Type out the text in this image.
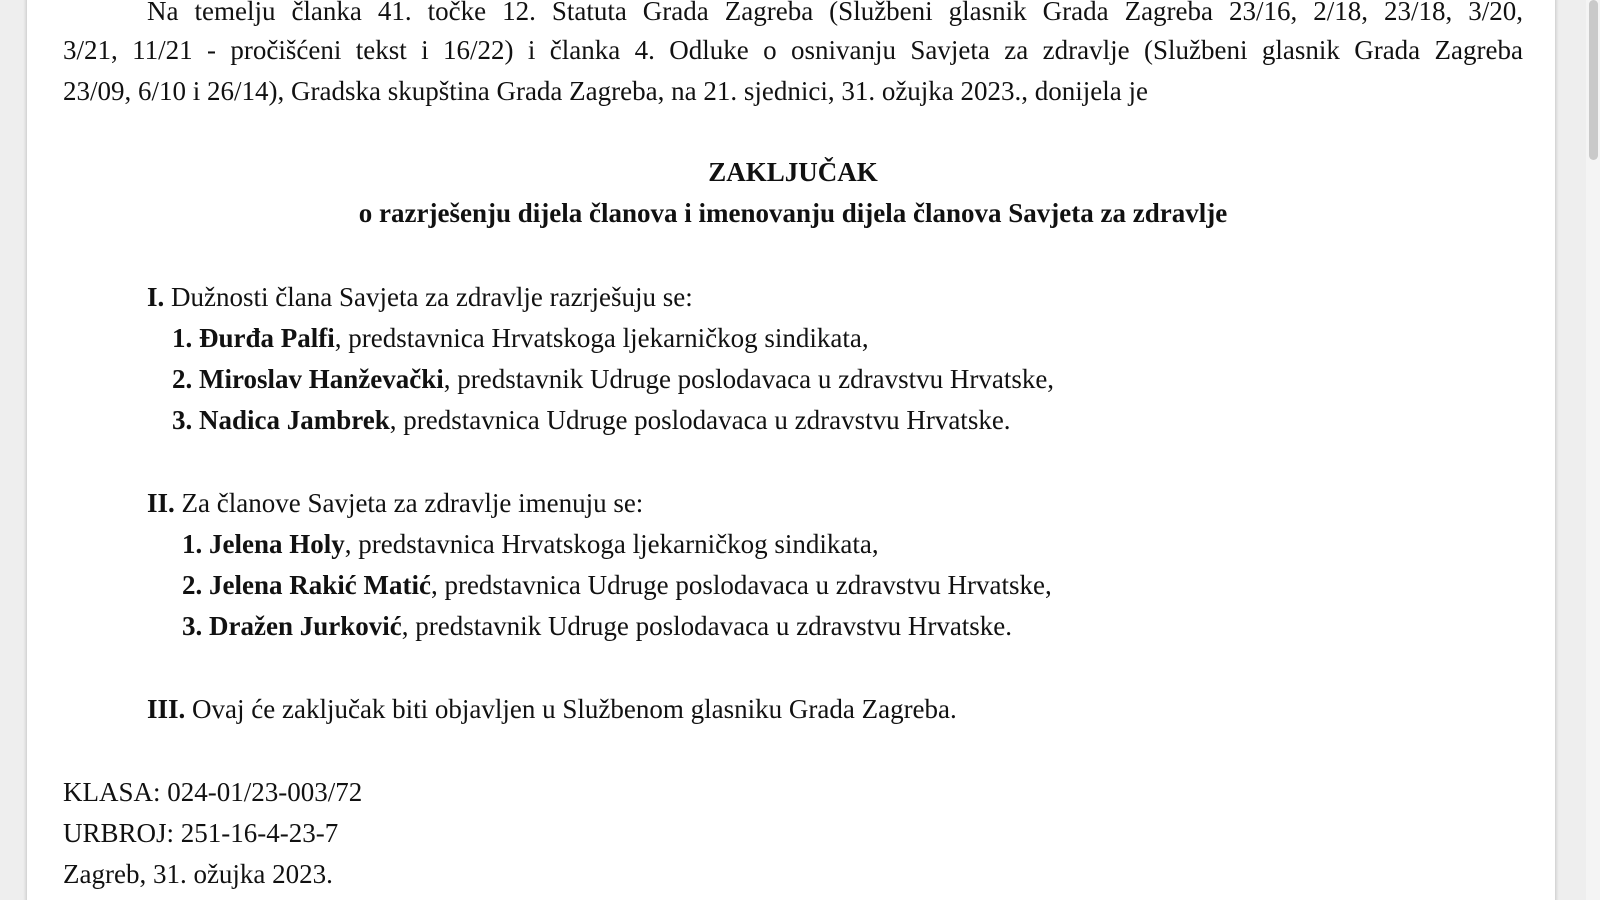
Na temelju članka 41. točke 12. Statuta Grada Zagreba (Službeni glasnik Grada Zagreba 23/16, 2/18, 23/18, 3/20,
3/21, 11/21 - pročišćeni tekst i 16/22) i članka 4. Odluke o osnivanju Savjeta za zdravlje (Službeni glasnik Grada Zagreba
23/09, 6/10 i 26/14), Gradska skupština Grada Zagreba, na 21. sjednici, 31. ožujka 2023., donijela je
ZAKLJUČAK
o razrješenju dijela članova i imenovanju dijela članova Savjeta za zdravlje
I. Dužnosti člana Savjeta za zdravlje razrješuju se:
1. Đurđa Palfi, predstavnica Hrvatskoga ljekarničkog sindikata,
2. Miroslav Hanževački, predstavnik Udruge poslodavaca u zdravstvu Hrvatske,
3. Nadica Jambrek, predstavnica Udruge poslodavaca u zdravstvu Hrvatske.
II. Za članove Savjeta za zdravlje imenuju se:
1. Jelena Holy, predstavnica Hrvatskoga ljekarničkog sindikata,
2. Jelena Rakić Matić, predstavnica Udruge poslodavaca u zdravstvu Hrvatske,
3. Dražen Jurković, predstavnik Udruge poslodavaca u zdravstvu Hrvatske.
III. Ovaj će zaključak biti objavljen u Službenom glasniku Grada Zagreba.
KLASA: 024-01/23-003/72
URBROJ: 251-16-4-23-7
Zagreb, 31. ožujka 2023.
